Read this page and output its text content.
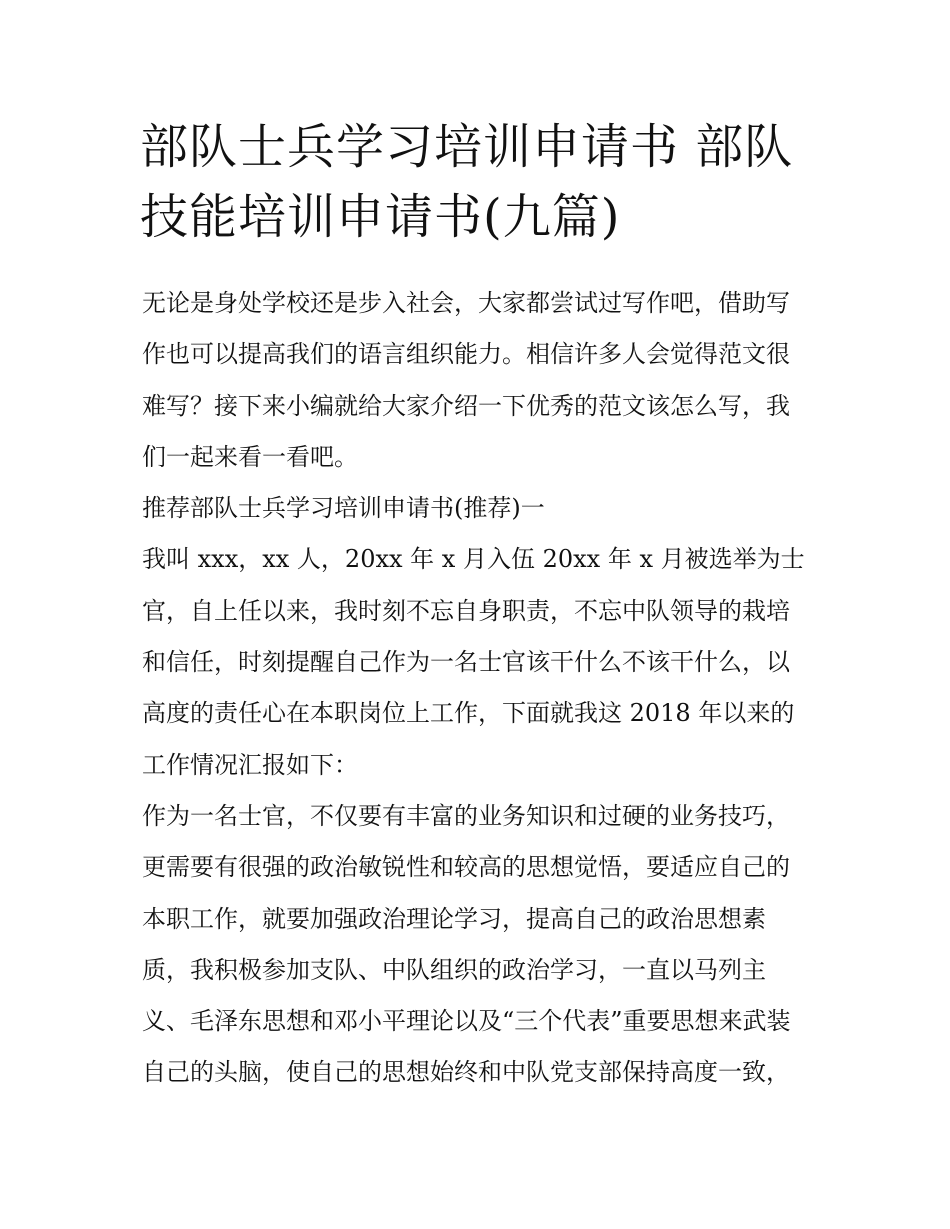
部队士兵学习培训申请书 部队
技能培训申请书(九篇)
无论是身处学校还是步入社会，大家都尝试过写作吧，借助写
作也可以提高我们的语言组织能力。相信许多人会觉得范文很
难写？接下来小编就给大家介绍一下优秀的范文该怎么写，我
们一起来看一看吧。
推荐部队士兵学习培训申请书(推荐)一
我叫 xxx，xx 人，20xx 年 x 月入伍 20xx 年 x 月被选举为士
官，自上任以来，我时刻不忘自身职责，不忘中队领导的栽培
和信任，时刻提醒自己作为一名士官该干什么不该干什么，以
高度的责任心在本职岗位上工作，下面就我这 2018 年以来的
工作情况汇报如下：
作为一名士官，不仅要有丰富的业务知识和过硬的业务技巧，
更需要有很强的政治敏锐性和较高的思想觉悟，要适应自己的
本职工作，就要加强政治理论学习，提高自己的政治思想素
质，我积极参加支队、中队组织的政治学习，一直以马列主
义、毛泽东思想和邓小平理论以及“三个代表”重要思想来武装
自己的头脑，使自己的思想始终和中队党支部保持高度一致，
